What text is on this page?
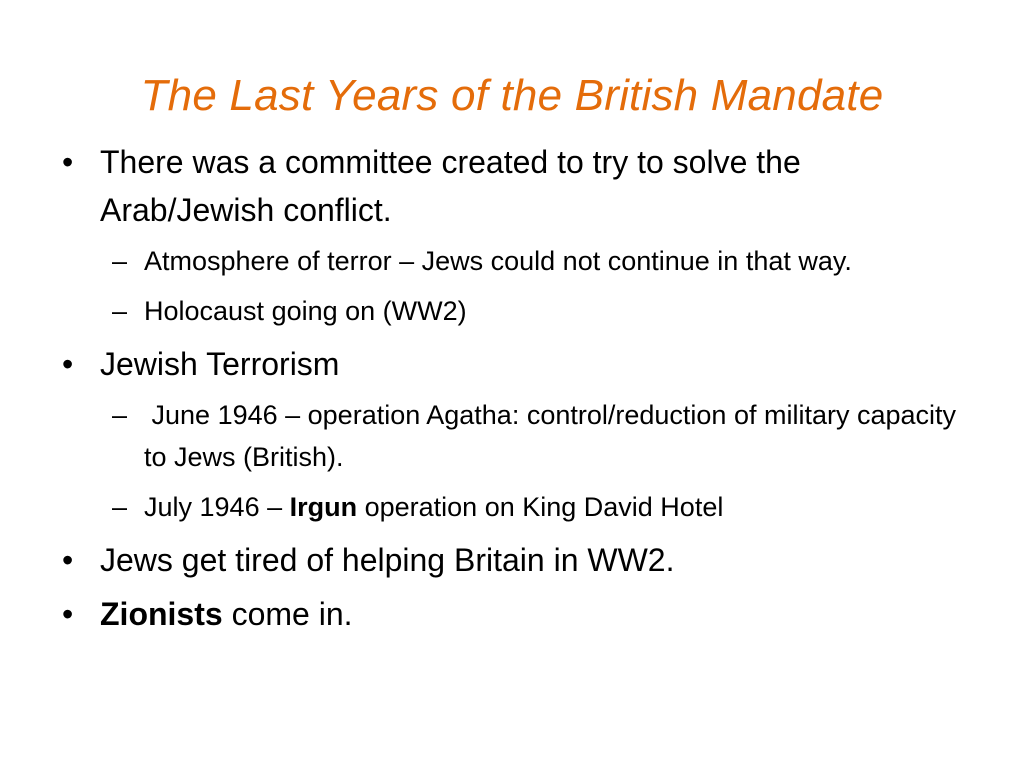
The Last Years of the British Mandate
• There was a committee created to try to solve the Arab/Jewish conflict.
– Atmosphere of terror – Jews could not continue in that way.
– Holocaust going on (WW2)
• Jewish Terrorism
– June 1946 – operation Agatha: control/reduction of military capacity to Jews (British).
– July 1946 – Irgun operation on King David Hotel
• Jews get tired of helping Britain in WW2.
• Zionists come in.
